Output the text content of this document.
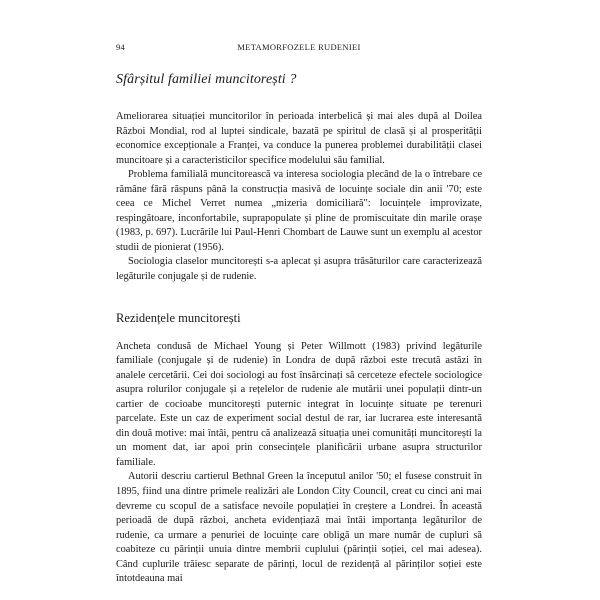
94	METAMORFOZELE RUDENIEI
Sfârșitul familiei muncitorești ?

Ameliorarea situației muncitorilor în perioada interbelică și mai ales după al Doilea Război Mondial, rod al luptei sindicale, bazată pe spiritul de clasă și al prosperității economice excepționale a Franței, va conduce la punerea problemei durabilității clasei muncitoare și a caracteristicilor specifice modelului său familial.

Problema familială muncitorească va interesa sociologia plecând de la o întrebare ce rămâne fără răspuns până la construcția masivă de locuințe sociale din anii '70; este ceea ce Michel Verret numea „mizeria domiciliară": locuințele improvizate, respingătoare, inconfortabile, suprapopulate și pline de promiscuitate din marile orașe (1983, p. 697). Lucrările lui Paul-Henri Chombart de Lauwe sunt un exemplu al acestor studii de pionierat (1956).

Sociologia claselor muncitorești s-a aplecat și asupra trăsăturilor care caracterizează legăturile conjugale și de rudenie.

Rezidențele muncitorești

Ancheta condusă de Michael Young și Peter Willmott (1983) privind legăturile familiale (conjugale și de rudenie) în Londra de după război este trecută astăzi în analele cercetării. Cei doi sociologi au fost însărcinați să cerceteze efectele sociologice asupra rolurilor conjugale și a rețelelor de rudenie ale mutării unei populații dintr-un cartier de cocioabe muncitorești puternic integrat în locuințe situate pe terenuri parcelate. Este un caz de experiment social destul de rar, iar lucrarea este interesantă din două motive: mai întâi, pentru că analizează situația unei comunități muncitorești la un moment dat, iar apoi prin consecințele planificării urbane asupra structurilor familiale.

Autorii descriu cartierul Bethnal Green la începutul anilor '50; el fusese construit în 1895, fiind una dintre primele realizări ale London City Council, creat cu cinci ani mai devreme cu scopul de a satisface nevoile populației în creștere a Londrei. În această perioadă de după război, ancheta evidențiază mai întâi importanța legăturilor de rudenie, ca urmare a penuriei de locuințe care obligă un mare număr de cupluri să coabiteze cu părinții unuia dintre membrii cuplului (părinții soției, cel mai adesea). Când cuplurile trăiesc separate de părinți, locul de rezidență al părinților soției este întotdeauna mai
